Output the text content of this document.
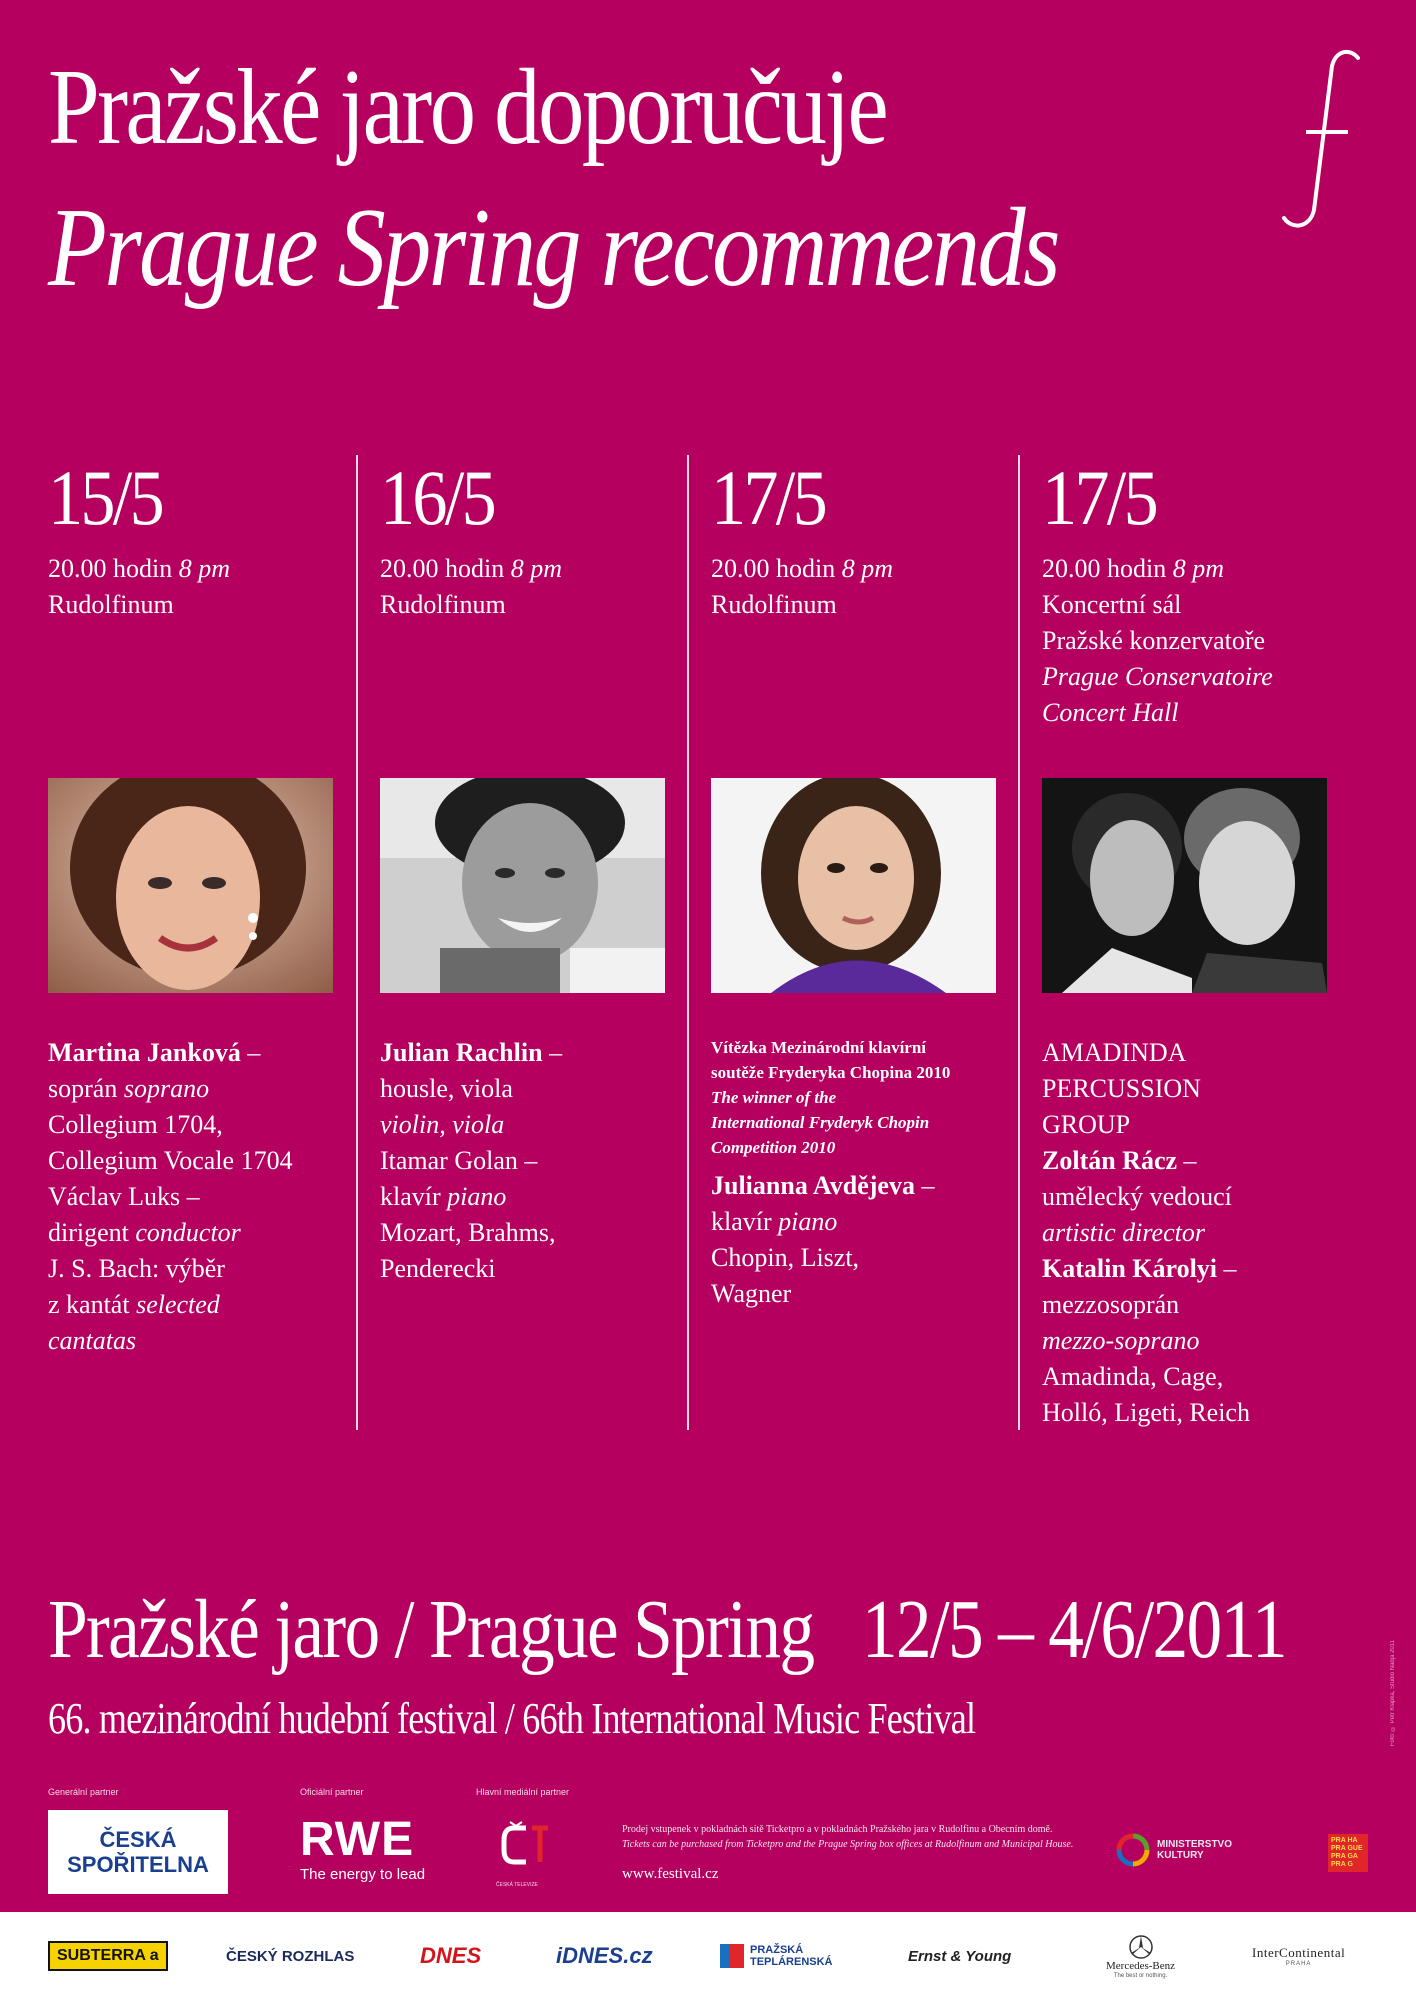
Pražské jaro doporučuje
Prague Spring recommends
15/5
20.00 hodin 8 pm
Rudolfinum
Martina Janková –
soprán soprano
Collegium 1704,
Collegium Vocale 1704
Václav Luks –
dirigent conductor
J. S. Bach: výběr
z kantát selected
cantatas
16/5
20.00 hodin 8 pm
Rudolfinum
Julian Rachlin –
housle, viola
violin, viola
Itamar Golan –
klavír piano
Mozart, Brahms,
Penderecki
17/5
20.00 hodin 8 pm
Rudolfinum
Vítězka Mezinárodní klavírní
soutěže Fryderyka Chopina 2010
The winner of the
International Fryderyk Chopin
Competition 2010
Julianna Avdějeva –
klavír piano
Chopin, Liszt,
Wagner
17/5
20.00 hodin 8 pm
Koncertní sál
Pražské konzervatoře
Prague Conservatoire
Concert Hall
AMADINDA
PERCUSSION
GROUP
Zoltán Rácz –
umělecký vedoucí
artistic director
Katalin Károlyi –
mezzosoprán
mezzo-soprano
Amadinda, Cage,
Holló, Ligeti, Reich
Pražské jaro / Prague Spring 12/5 – 4/6/2011
66. mezinárodní hudební festival / 66th International Music Festival	Foto: © Petr Klapka, Studio Nadja 2011
Generální partner
ČESKÁ
SPOŘITELNA
Oficiální partner
RWE
The energy to lead
Hlavní mediální partner
ČESKÁ TELEVIZE
Prodej vstupenek v pokladnách sítě Ticketpro a v pokladnách Pražského jara v Rudolfinu a Obecním domě.
Tickets can be purchased from Ticketpro and the Prague Spring box offices at Rudolfinum and Municipal House.
www.festival.cz
MINISTERSTVO
KULTURY
PRA HA
PRA GUE
PRA GA
PRA G
SUBTERRA a	ČESKÝ ROZHLAS	DNES	iDNES .cz	PRAŽSKÁ
TEPLÁRENSKÁ	Ernst & Young
Mercedes-Benz
The best or nothing.
InterContinental
PRAHA
